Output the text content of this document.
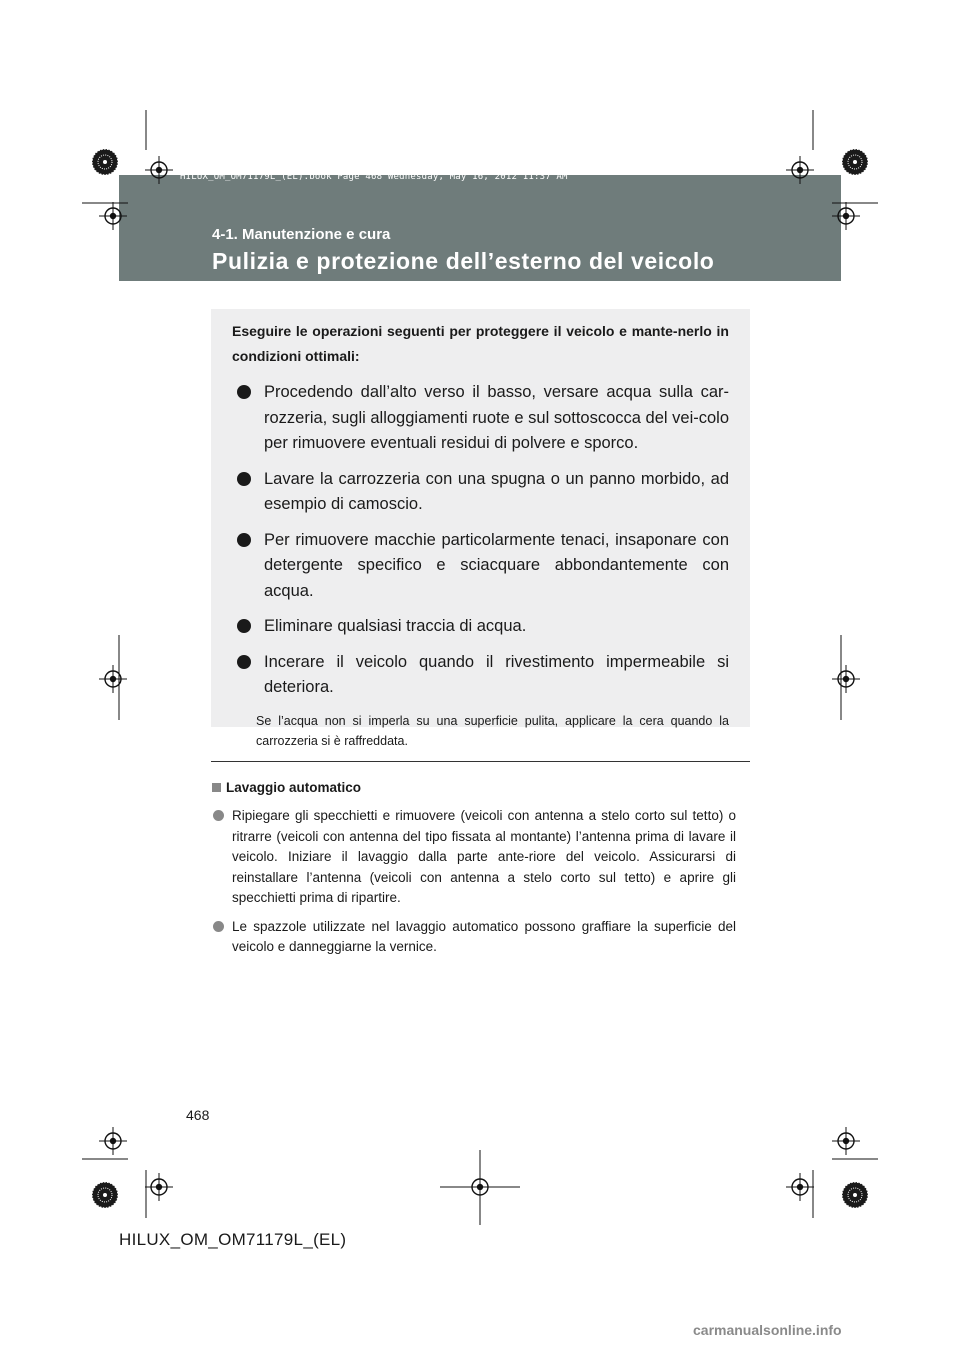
HILUX_OM_OM71179L_(EL).book Page 468 Wednesday, May 16, 2012 11:37 AM
4-1. Manutenzione e cura
Pulizia e protezione dell’esterno del veicolo
Eseguire le operazioni seguenti per proteggere il veicolo e mante-nerlo in condizioni ottimali:
Procedendo dall’alto verso il basso, versare acqua sulla car-rozzeria, sugli alloggiamenti ruote e sul sottoscocca del vei-colo per rimuovere eventuali residui di polvere e sporco.
Lavare la carrozzeria con una spugna o un panno morbido, ad esempio di camoscio.
Per rimuovere macchie particolarmente tenaci, insaponare con detergente specifico e sciacquare abbondantemente con acqua.
Eliminare qualsiasi traccia di acqua.
Incerare il veicolo quando il rivestimento impermeabile si deteriora.
Se l’acqua non si imperla su una superficie pulita, applicare la cera quando la carrozzeria si è raffreddata.
Lavaggio automatico
Ripiegare gli specchietti e rimuovere (veicoli con antenna a stelo corto sul tetto) o ritrarre (veicoli con antenna del tipo fissata al montante) l’antenna prima di lavare il veicolo. Iniziare il lavaggio dalla parte ante-riore del veicolo. Assicurarsi di reinstallare l’antenna (veicoli con antenna a stelo corto sul tetto) e aprire gli specchietti prima di ripartire.
Le spazzole utilizzate nel lavaggio automatico possono graffiare la superficie del veicolo e danneggiarne la vernice.
468
HILUX_OM_OM71179L_(EL)
carmanualsonline.info
